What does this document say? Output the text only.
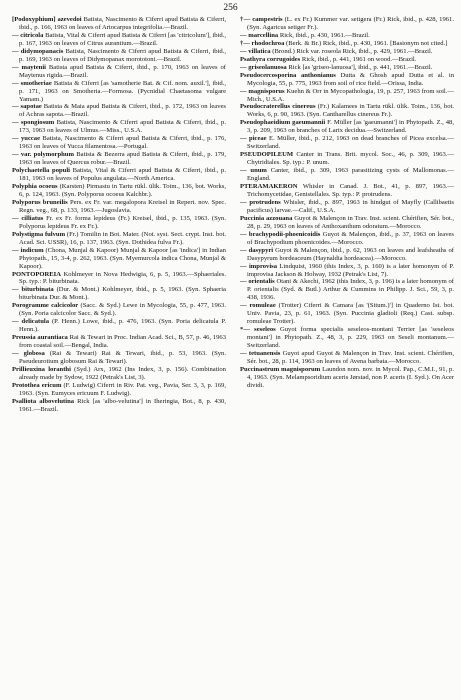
256

[Podoxyphium] azevedoi Batista, Nascimento & Ciferri apud Batista & Ciferri, ibid., p. 166, 1963 on leaves of Artocarpus integrifolia.—Brazil.

— citricola Batista, Vital & Ciferri apud Batista & Ciferri [as 'citricolum'], ibid., p. 167, 1963 on leaves of Citrus aurantium.—Brazil.

— didymopanacis Batista, Nascimento & Ciferri apud Batista & Ciferri, ibid., p. 169, 1963 on leaves of Didymopanax morototoni.—Brazil.

— maytenii Batista apud Batista & Ciferri, ibid., p. 170, 1963 on leaves of Maytenus rigida.—Brazil.

— smotheriae Batista & Ciferri [as 'samotherie Bat. & Cif. nom. auxil.'], ibid., p. 171, 1963 on Smotheria.—Formosa. (Pycnidial Chaetasoma vulgare Yamam.)

— sapotae Batista & Maia apud Batista & Ciferri, ibid., p. 172, 1963 on leaves of Achras sapota.—Brazil.

— spongiosum Batista, Nascimento & Ciferri apud Batista & Ciferri, ibid., p. 173, 1963 on leaves of Ulmus.—Miss., U.S.A.

— yuccae Batista, Nascimento & Ciferri apud Batista & Ciferri, ibid., p. 176, 1963 on leaves of Yucca filamentosa.—Portugal.

— var. polymorphum Batista & Bezerra apud Batista & Ciferri, ibid., p. 179, 1963 on leaves of Quercus robur.—Brazil.

Polychaetella populi Batista, Vital & Ciferri apud Batista & Ciferri, ibid., p. 181, 1963 on leaves of Populus angulata.—North America.

Polyphia ocoeus (Karsten) Pirmastu in Tartu rükl. ülik. Toim., 136, bot. Works, 6, p. 124, 1963. (Syn. Polyporus ocoeus Kalchbr.).

Polyporus bruneilis Pers. ex Fr. var. megalopora Kreisel in Repert. nov. Spec. Regn. veg., 68, p. 133, 1963.—Jugoslavia.

— cilliatus Fr. ex Fr. forma lepideus (Fr.) Kreisel, ibid., p. 135, 1963. (Syn. Polyporus lepideus Fr. ex Fr.).

Polystigma fulvum (Fr.) Tomilin in Bot. Mater. (Not. syst. Sect. crypt. Inst. bot. Acad. Sci. USSR), 16, p. 137, 1963. (Syn. Dothidea fulva Fr.).

— indicum (Chona, Munjal & Kapoor) Munjal & Kapoor [as 'indica'] in Indian Phytopath., 15, 3-4, p. 262, 1963. (Syn. Myemurcola indica Chona, Munjal & Kapoor).

PONTOPOREIA Kohlmeyer in Nova Hedwigia, 6, p. 5, 1963.—Sphaeriales. Sp. typ.: P. biturbinata.

— biturbinata (Dur. & Mont.) Kohlmeyer, ibid., p. 5, 1963. (Syn. Sphaeria biturbinata Dur. & Mont.).

Porogramme calcicolor (Sacc. & Syd.) Lewe in Mycologia, 55, p. 477, 1963. (Syn. Poria calcicolor Sacc. & Syd.).

— delicatula (P. Henn.) Lowe, ibid., p. 476, 1963. (Syn. Poria delicatula P. Henn.).

Preussia aurantiaca Rai & Tewari in Proc. Indian Acad. Sci., B, 57, p. 46, 1963 from coastal soil.—Bengal, India.

— globosa (Rai & Tewari) Rai & Tewari, ibid., p. 53, 1963. (Syn. Pseudeurotium globosum Rai & Tewari).

Prillieuxina loranthi (Syd.) Arx, 1962 (Ins Index, 3, p. 156). Combination already made by Sydow, 1922 (Petrak's List, 3).

Protothea ericum (F. Ludwig) Ciferri in Riv. Pat. veg., Pavia, Ser. 3, 3, p. 169, 1963. (Syn. Eumyces ericuum F. Ludwig).

Psalliota albovelutina Rick [as 'albo-velutina'] in Iheringia, Bot., 8, p. 430, 1961.—Brazil.

†— campestris (L. ex Fr.) Kummer var. setigera (Fr.) Rick, ibid., p. 428, 1961. (Syn. Agaricus setiger Fr.).

— marcellina Rick, ibid., p. 430, 1961.—Brazil.

†— rhodochroa (Berk. & Br.) Rick, ibid., p. 430, 1961. [Basionym not cited.]

— villatica (Brond.) Rick var. roseola Rick, ibid., p. 429, 1961.—Brazil.

Psathyra corrugoides Rick, ibid., p. 441, 1961 on wood.—Brazil.

— griseolanuosa Rick [as 'griseo-lanuosa'], ibid., p. 441, 1961.—Brazil.

Pseudocercosporina anthonianus Dutta & Ghosh apud Dutta et al. in Mycologia, 55, p. 775, 1963 from soil of rice field.—Orissa, India.

— magnisporus Kuehn & Orr in Mycopathologia, 19, p. 257, 1963 from soil.—Mich., U.S.A.

Pseudocraterellus cinereus (Fr.) Kalamees in Tartu rükl. ülik. Toim., 136, bot. Works, 6, p. 90, 1963. (Syn. Cantharellus cinereus Fr.).

Pseudophaeidium gaeumannii F. Müller [as 'gaeumanni'] in Phytopath. Z., 48, 3, p. 209, 1963 on branches of Larix decidua.—Switzerland.

— piceae E. Müller, ibid., p. 212, 1963 on dead branches of Picea excelsa.—Switzerland.

PSEUDOPILEUM Canter in Trans. Brit. mycol. Soc., 46, p. 309, 1963.—Chytridiales. Sp. typ.: P. unum.

— unum Canter, ibid., p. 309, 1963 parasitizing cysts of Mallomonas.—England.

PTERAMAKERON Whisler in Canad. J. Bot., 41, p. 897, 1963.—Trichomycetidae, Genistellales. Sp. typ.: P. protrudens.

— protrudens Whisler, ibid., p. 897, 1963 in hindgut of Mayfly (Callibaetis pacificus) larvae.—Calif., U.S.A.

Puccinia azzouana Guyot & Malençon in Trav. Inst. scient. Chérifien, Sér. bot., 28, p. 29, 1963 on leaves of Anthoxanthum odoratum.—Morocco.

— brachypodii-phoenicoidis Guyot & Malençon, ibid., p. 37, 1963 on leaves of Brachypodium phoenicoides.—Morocco.

— dasypyri Guyot & Malençon, ibid., p. 62, 1963 on leaves and leafsheaths of Dasypyrum hordeaceum (Haynaldia hordeacea).—Morocco.

— improvisa Lindquist, 1960 (this Index, 3, p. 160) is a later homonym of P. improvisa Jackson & Holway, 1932 (Petrak's List, 7).

— orientalis Otani & Akechi, 1962 (this Index, 3, p. 196) is a later homonym of P. orientalis (Syd. & Butl.) Arthur & Cummins in Philipp. J. Sci., 59, 3, p. 438, 1936.

— romuleae (Trotter) Ciferri & Camara [as '(Situm.)'] in Quaderno Ist. bot. Univ. Pavia, 23, p. 61, 1963. (Syn. Puccinia gladioli (Req.) Cast. subsp. romuleae Trotter).

*— seseleos Guyot forma specialis seseleos-montani Terrier [as 'seseleos montani'] in Phytopath. Z., 48, 3, p. 229, 1963 on Seseli montanum.—Switzerland.

— tetuanensis Guyot apud Guyot & Malençon in Trav. Inst. scient. Chérifien, Sér. bot., 28, p. 114, 1963 on leaves of Avena barbata.—Morocco.

Puccinastrum magnisporum Laundon nom. nov. in Mycol. Pap., C.M.I., 91, p. 4, 1963. (Syn. Melampsoridium aceris Jørstad, non P. aceris (I. Syd.). On Acer dividi.
